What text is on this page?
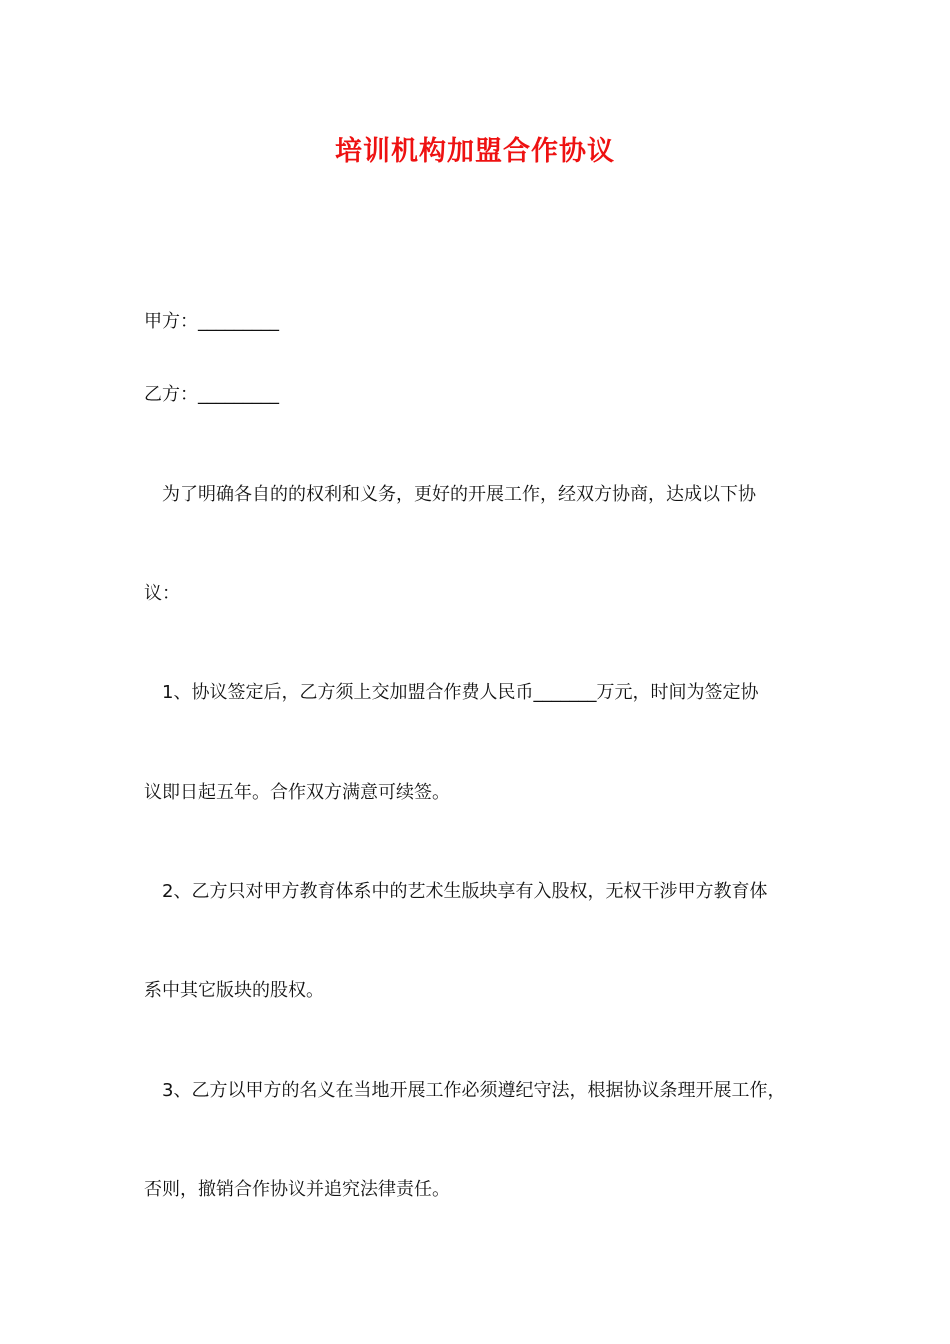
培训机构加盟合作协议
甲方：_________
乙方：_________
为了明确各自的的权利和义务，更好的开展工作，经双方协商，达成以下协
议：
1、协议签定后，乙方须上交加盟合作费人民币_______万元，时间为签定协
议即日起五年。合作双方满意可续签。
2、乙方只对甲方教育体系中的艺术生版块享有入股权，无权干涉甲方教育体
系中其它版块的股权。
3、乙方以甲方的名义在当地开展工作必须遵纪守法，根据协议条理开展工作，
否则，撤销合作协议并追究法律责任。
